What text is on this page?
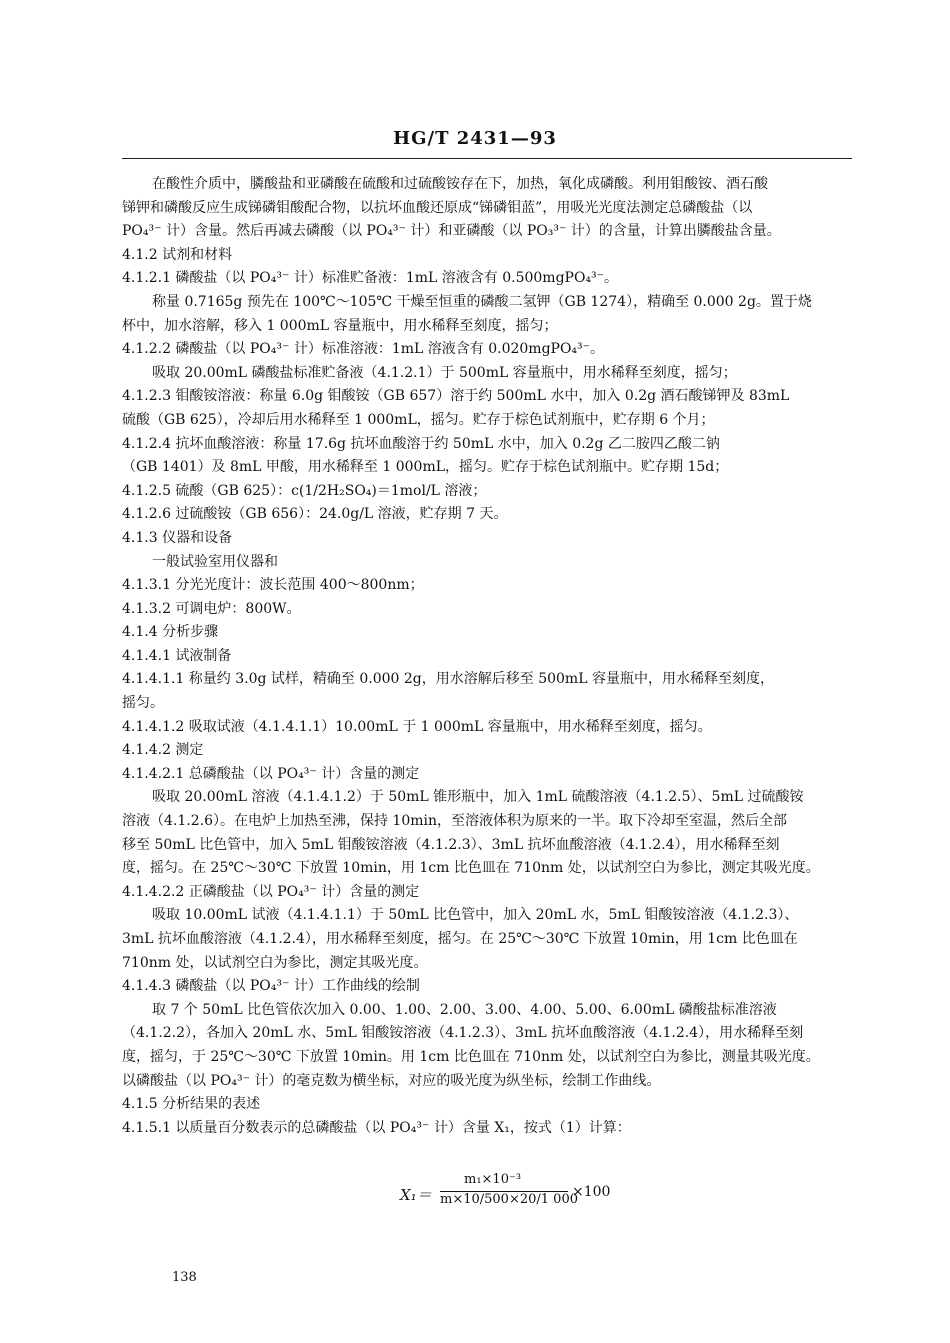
HG/T 2431—93
在酸性介质中，膦酸盐和亚磷酸在硫酸和过硫酸铵存在下，加热，氧化成磷酸。利用钼酸铵、酒石酸
锑钾和磷酸反应生成锑磷钼酸配合物，以抗坏血酸还原成“锑磷钼蓝”，用吸光光度法测定总磷酸盐（以
PO₄³⁻ 计）含量。然后再减去磷酸（以 PO₄³⁻ 计）和亚磷酸（以 PO₃³⁻ 计）的含量，计算出膦酸盐含量。
4.1.2 试剂和材料
4.1.2.1 磷酸盐（以 PO₄³⁻ 计）标准贮备液：1mL 溶液含有 0.500mgPO₄³⁻。
称量 0.7165g 预先在 100℃～105℃ 干燥至恒重的磷酸二氢钾（GB 1274），精确至 0.000 2g。置于烧
杯中，加水溶解，移入 1 000mL 容量瓶中，用水稀释至刻度，摇匀；
4.1.2.2 磷酸盐（以 PO₄³⁻ 计）标准溶液：1mL 溶液含有 0.020mgPO₄³⁻。
吸取 20.00mL 磷酸盐标准贮备液（4.1.2.1）于 500mL 容量瓶中，用水稀释至刻度，摇匀；
4.1.2.3 钼酸铵溶液：称量 6.0g 钼酸铵（GB 657）溶于约 500mL 水中，加入 0.2g 酒石酸锑钾及 83mL
硫酸（GB 625），冷却后用水稀释至 1 000mL，摇匀。贮存于棕色试剂瓶中，贮存期 6 个月；
4.1.2.4 抗坏血酸溶液：称量 17.6g 抗坏血酸溶于约 50mL 水中，加入 0.2g 乙二胺四乙酸二钠
（GB 1401）及 8mL 甲酸，用水稀释至 1 000mL，摇匀。贮存于棕色试剂瓶中。贮存期 15d；
4.1.2.5 硫酸（GB 625）：c(1/2H₂SO₄)＝1mol/L 溶液；
4.1.2.6 过硫酸铵（GB 656）：24.0g/L 溶液，贮存期 7 天。
4.1.3 仪器和设备
一般试验室用仪器和
4.1.3.1 分光光度计：波长范围 400～800nm；
4.1.3.2 可调电炉：800W。
4.1.4 分析步骤
4.1.4.1 试液制备
4.1.4.1.1 称量约 3.0g 试样，精确至 0.000 2g，用水溶解后移至 500mL 容量瓶中，用水稀释至刻度，
摇匀。
4.1.4.1.2 吸取试液（4.1.4.1.1）10.00mL 于 1 000mL 容量瓶中，用水稀释至刻度，摇匀。
4.1.4.2 测定
4.1.4.2.1 总磷酸盐（以 PO₄³⁻ 计）含量的测定
吸取 20.00mL 溶液（4.1.4.1.2）于 50mL 锥形瓶中，加入 1mL 硫酸溶液（4.1.2.5）、5mL 过硫酸铵
溶液（4.1.2.6）。在电炉上加热至沸，保持 10min，至溶液体积为原来的一半。取下冷却至室温，然后全部
移至 50mL 比色管中，加入 5mL 钼酸铵溶液（4.1.2.3）、3mL 抗坏血酸溶液（4.1.2.4），用水稀释至刻
度，摇匀。在 25℃～30℃ 下放置 10min，用 1cm 比色皿在 710nm 处，以试剂空白为参比，测定其吸光度。
4.1.4.2.2 正磷酸盐（以 PO₄³⁻ 计）含量的测定
吸取 10.00mL 试液（4.1.4.1.1）于 50mL 比色管中，加入 20mL 水，5mL 钼酸铵溶液（4.1.2.3）、
3mL 抗坏血酸溶液（4.1.2.4），用水稀释至刻度，摇匀。在 25℃～30℃ 下放置 10min，用 1cm 比色皿在
710nm 处，以试剂空白为参比，测定其吸光度。
4.1.4.3 磷酸盐（以 PO₄³⁻ 计）工作曲线的绘制
取 7 个 50mL 比色管依次加入 0.00、1.00、2.00、3.00、4.00、5.00、6.00mL 磷酸盐标准溶液
（4.1.2.2），各加入 20mL 水、5mL 钼酸铵溶液（4.1.2.3）、3mL 抗坏血酸溶液（4.1.2.4），用水稀释至刻
度，摇匀，于 25℃～30℃ 下放置 10min。用 1cm 比色皿在 710nm 处，以试剂空白为参比，测量其吸光度。
以磷酸盐（以 PO₄³⁻ 计）的毫克数为横坐标，对应的吸光度为纵坐标，绘制工作曲线。
4.1.5 分析结果的表述
4.1.5.1 以质量百分数表示的总磷酸盐（以 PO₄³⁻ 计）含量 X₁，按式（1）计算：
X₁＝
m₁×10⁻³
m×10/500×20/1 000
×100
138
